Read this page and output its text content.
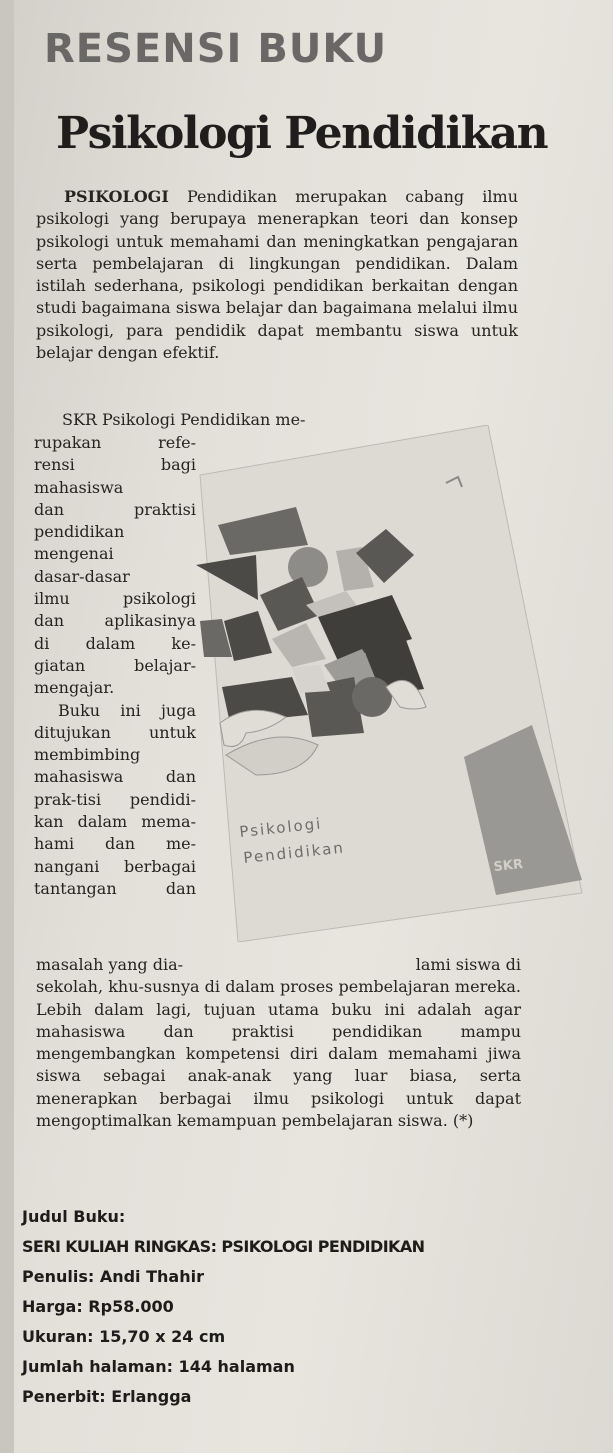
RESENSI BUKU
Psikologi Pendidikan

PSIKOLOGI Pendidikan merupakan cabang ilmu psikologi yang berupaya menerapkan teori dan konsep psikologi untuk memahami dan meningkatkan pengajaran serta pembelajaran di lingkungan pendidikan. Dalam istilah sederhana, psikologi pendidikan berkaitan dengan studi bagaimana siswa belajar dan bagaimana melalui ilmu psikologi, para pendidik dapat membantu siswa untuk belajar dengan efektif.

SKR Psikologi Pendidikan me-

rupakan refe-
rensi bagi
mahasiswa
dan praktisi
pendidikan
mengenai
dasar-dasar
ilmu psikologi
dan aplikasinya
di dalam ke-
giatan belajar-
mengajar.
Buku ini juga
ditujukan untuk
membimbing
mahasiswa dan
prak-tisi pendidi-
kan dalam mema-
hami dan me-
nangani berbagai
tantangan dan
Psikologi
Pendidikan	SKR
masalah yang dia-	lami siswa di
sekolah, khu-susnya di dalam proses pembelajaran mereka. Lebih dalam lagi, tujuan utama buku ini adalah agar mahasiswa dan praktisi pendidikan mampu mengembangkan kompetensi diri dalam memahami jiwa siswa sebagai anak-anak yang luar biasa, serta menerapkan berbagai ilmu psikologi untuk dapat mengoptimalkan kemampuan pembelajaran siswa. (*)
Judul Buku:
SERI KULIAH RINGKAS: PSIKOLOGI PENDIDIKAN
Penulis: Andi Thahir
Harga: Rp58.000
Ukuran: 15,70 x 24 cm
Jumlah halaman: 144 halaman
Penerbit: Erlangga
